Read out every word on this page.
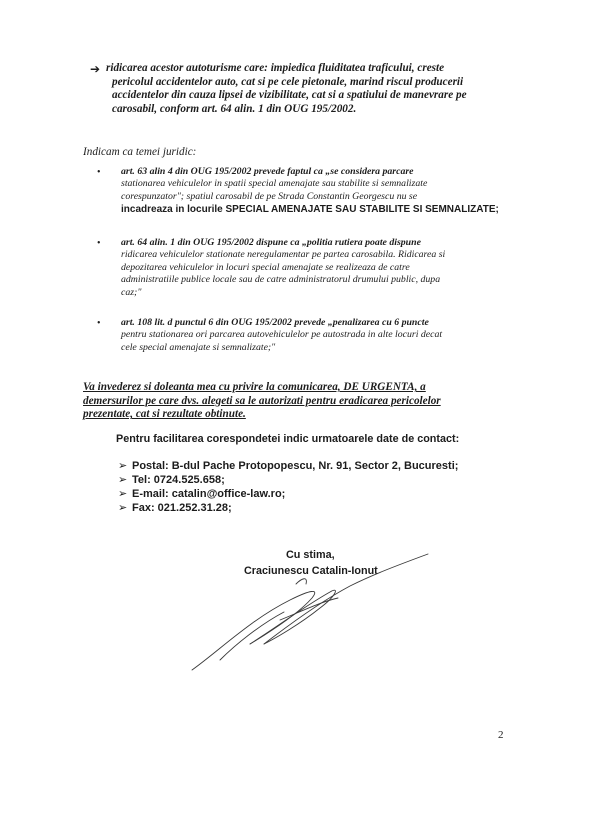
➔ ridicarea acestor autoturisme care: impiedica fluiditatea traficului, creste
pericolul accidentelor auto, cat si pe cele pietonale, marind riscul producerii
accidentelor din cauza lipsei de vizibilitate, cat si a spatiului de manevrare pe
carosabil, conform art. 64 alin. 1 din OUG 195/2002.
Indicam ca temei juridic:
• art. 63 alin 4 din OUG 195/2002 prevede faptul ca „se considera parcare
stationarea vehiculelor in spatii special amenajate sau stabilite si semnalizate
corespunzator"; spatiul carosabil de pe Strada Constantin Georgescu nu se
incadreaza in locurile SPECIAL AMENAJATE SAU STABILITE SI SEMNALIZATE;
• art. 64 alin. 1 din OUG 195/2002 dispune ca „politia rutiera poate dispune
ridicarea vehiculelor stationate neregulamentar pe partea carosabila. Ridicarea si
depozitarea vehiculelor in locuri special amenajate se realizeaza de catre
administratiile publice locale sau de catre administratorul drumului public, dupa
caz;"
• art. 108 lit. d punctul 6 din OUG 195/2002 prevede „penalizarea cu 6 puncte
pentru stationarea ori parcarea autovehiculelor pe autostrada in alte locuri decat
cele special amenajate si semnalizate;"
Va invederez si doleanta mea cu privire la comunicarea, DE URGENTA, a
demersurilor pe care dvs. alegeti sa le autorizati pentru eradicarea pericolelor
prezentate, cat si rezultate obtinute.
Pentru facilitarea corespondetei indic urmatoarele date de contact:
➢ Postal: B-dul Pache Protopopescu, Nr. 91, Sector 2, Bucuresti;
➢ Tel: 0724.525.658;
➢ E-mail: catalin@office-law.ro;
➢ Fax: 021.252.31.28;
Cu stima,
Craciunescu Catalin-Ionut
2
